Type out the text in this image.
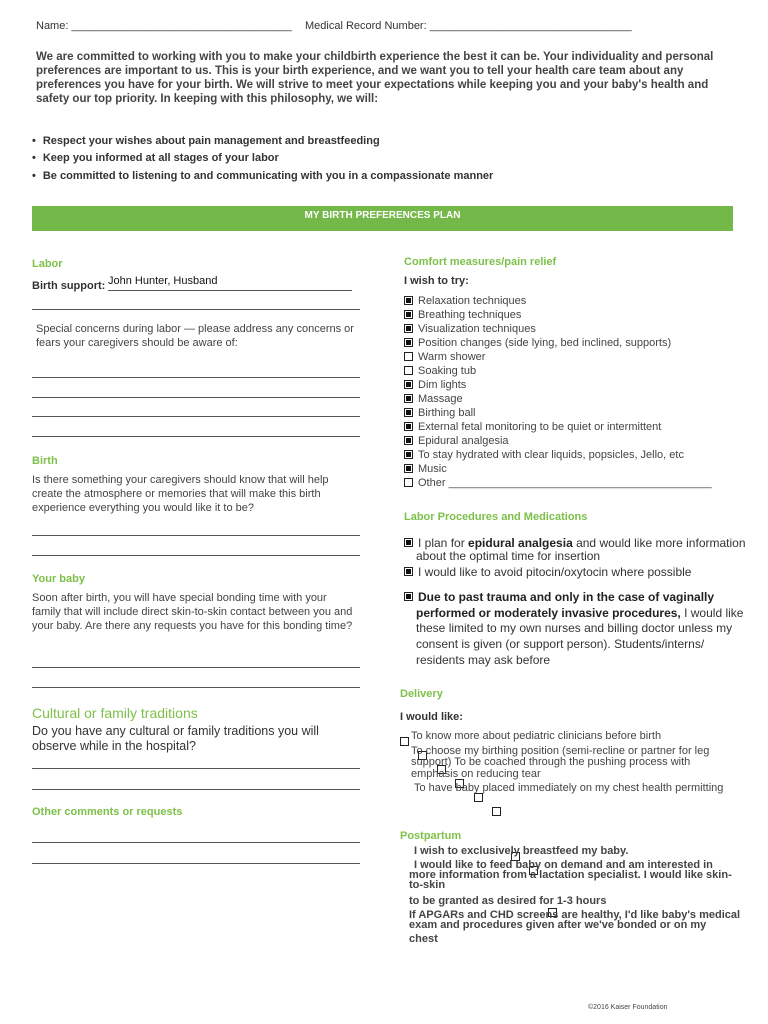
Name: ____________________________________ Medical Record Number: _________________________________
We are committed to working with you to make your childbirth experience the best it can be. Your individuality and personal preferences are important to us. This is your birth experience, and we want you to tell your health care team about any preferences you have for your birth. We will strive to meet your expectations while keeping you and your baby's health and safety our top priority. In keeping with this philosophy, we will:
• Respect your wishes about pain management and breastfeeding
• Keep you informed at all stages of your labor
• Be committed to listening to and communicating with you in a compassionate manner
MY BIRTH PREFERENCES PLAN
Labor
Birth support: John Hunter, Husband
Special concerns during labor — please address any concerns or fears your caregivers should be aware of:
Birth
Is there something your caregivers should know that will help create the atmosphere or memories that will make this birth experience everything you would like it to be?
Your baby
Soon after birth, you will have special bonding time with your family that will include direct skin-to-skin contact between you and your baby. Are there any requests you have for this bonding time?
Cultural or family traditions
Do you have any cultural or family traditions you will observe while in the hospital?
Other comments or requests
Comfort measures/pain relief
I wish to try:
Relaxation techniques
Breathing techniques
Visualization techniques
Position changes (side lying, bed inclined, supports)
Warm shower
Soaking tub
Dim lights
Massage
Birthing ball
External fetal monitoring to be quiet or intermittent
Epidural analgesia
To stay hydrated with clear liquids, popsicles, Jello, etc
Music
Other ___________________________________________
Labor Procedures and Medications
I plan for epidural analgesia and would like more information
about the optimal time for insertion
I would like to avoid pitocin/oxytocin where possible
Due to past trauma and only in the case of vaginally
performed or moderately invasive procedures, I would like
these limited to my own nurses and billing doctor unless my
consent is given (or support person). Students/interns/
residents may ask before
Delivery
I would like:

To know more about pediatric clinicians before birth
To choose my birthing position (semi-recline or partner for leg
support) To be coached through the pushing process with
emphasis on reducing tear
To have baby placed immediately on my chest health permitting
Postpartum

I wish to exclusively breastfeed my baby.
I would like to feed baby on demand and am interested in
more information from a lactation specialist. I would like skin-
to-skin
to be granted as desired for 1-3 hours
If APGARs and CHD screens are healthy, I'd like baby's medical
exam and procedures given after we've bonded or on my
chest
©2016 Kaiser Foundation
